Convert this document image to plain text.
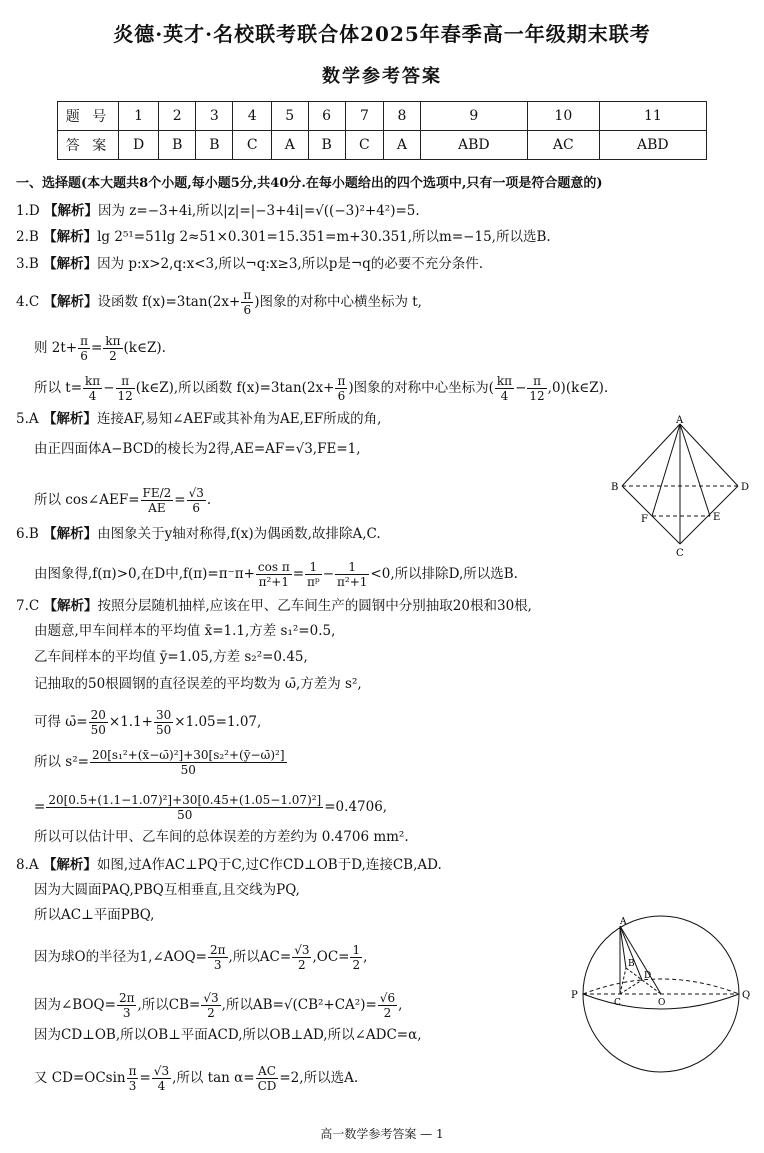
炎德·英才·名校联考联合体2025年春季高一年级期末联考
数学参考答案
题 号	1	2	3	4	5	6	7	8	9	10	11
答 案	D	B	B	C	A	B	C	A	ABD	AC	ABD
一、选择题(本大题共8个小题,每小题5分,共40分.在每小题给出的四个选项中,只有一项是符合题意的)
1.D 【解析】因为 z=−3+4i,所以|z|=|−3+4i|=√((−3)²+4²)=5.
2.B 【解析】lg 2⁵¹=51lg 2≈51×0.301=15.351=m+30.351,所以m=−15,所以选B.
3.B 【解析】因为 p:x>2,q:x<3,所以¬q:x≥3,所以p是¬q的必要不充分条件.
4.C 【解析】设函数 $f(x)=3\tan(2x+ \frac{\pi}{6}$ )图象的对称中心横坐标为 t,
则 $2t+ \frac{\pi}{6} = \frac{k\pi}{2}$ (k∈Z).
所以 $t= \frac{k\pi}{4} - \frac{\pi}{12}$ (k∈Z),所以函数 $f(x)=3\tan(2x+ \frac{\pi}{6}$ )图象的对称中心坐标为( $\frac{k\pi}{4} - \frac{\pi}{12}$ ,0)(k∈Z).
5.A 【解析】连接AF,易知∠AEF或其补角为AE,EF所成的角,
由正四面体A−BCD的棱长为2得,AE=AF=√3,FE=1,
所以 cos∠AEF= $\frac{FE/2}{AE} = \frac{√3}{6}$ .
A
B	D
F	E
C
6.B 【解析】由图象关于y轴对称得,f(x)为偶函数,故排除A,C.
由图象得,f(π)>0,在D中$,f(\pi)=\pi^-\pi+ \frac{\text{cos π}}{\text{π²+1}} = \frac{1}{\text{πᵖ}} - \frac{1}{\text{π²+1}} <0$,所以排除D,所以选B.
7.C 【解析】按照分层随机抽样,应该在甲、乙车间生产的圆钢中分别抽取20根和30根,
由题意,甲车间样本的平均值 x̄=1.1,方差 s₁²=0.5,
乙车间样本的平均值 ȳ=1.05,方差 s₂²=0.45,
记抽取的50根圆钢的直径误差的平均数为 ω̄,方差为 s²,
可得 ω̄= $\frac{20}{50} \times 1.1+ \frac{30}{50} \times 1.05=1.07$,
所以 $s^2= \frac{\text{20[s₁²+(x̄−ω̄)²]+30[s₂²+(ȳ−ω̄)²]}}{50}$
= $\frac{\text{20[0.5+(1.1−1.07)²]+30[0.45+(1.05−1.07)²]}}{50} =0.4706$,
所以可以估计甲、乙车间的总体误差的方差约为 0.4706 mm².
8.A 【解析】如图,过A作AC⊥PQ于C,过C作CD⊥OB于D,连接CB,AD.
因为大圆面PAQ,PBQ互相垂直,且交线为PQ,
所以AC⊥平面PBQ,
因为球O的半径为1,∠AOQ= $\frac{2\pi}{3}$ ,所以$AC= \frac{√3}{2} ,OC= \frac{1}{2}$ ,
因为∠BOQ= $\frac{2\pi}{3}$ ,所以$CB= \frac{√3}{2}$ ,所以$AB=√(CB^2+CA^2)= \frac{√6}{2}$ ,
因为CD⊥OB,所以OB⊥平面ACD,所以OB⊥AD,所以∠ADC=α,
又 $CD=OCsin \frac{\pi}{3} = \frac{√3}{4}$ ,所以 $\tan \alpha= \frac{AC}{CD} =2$,所以选A.
A
B
D
P
C	O
Q
高一数学参考答案 — 1
